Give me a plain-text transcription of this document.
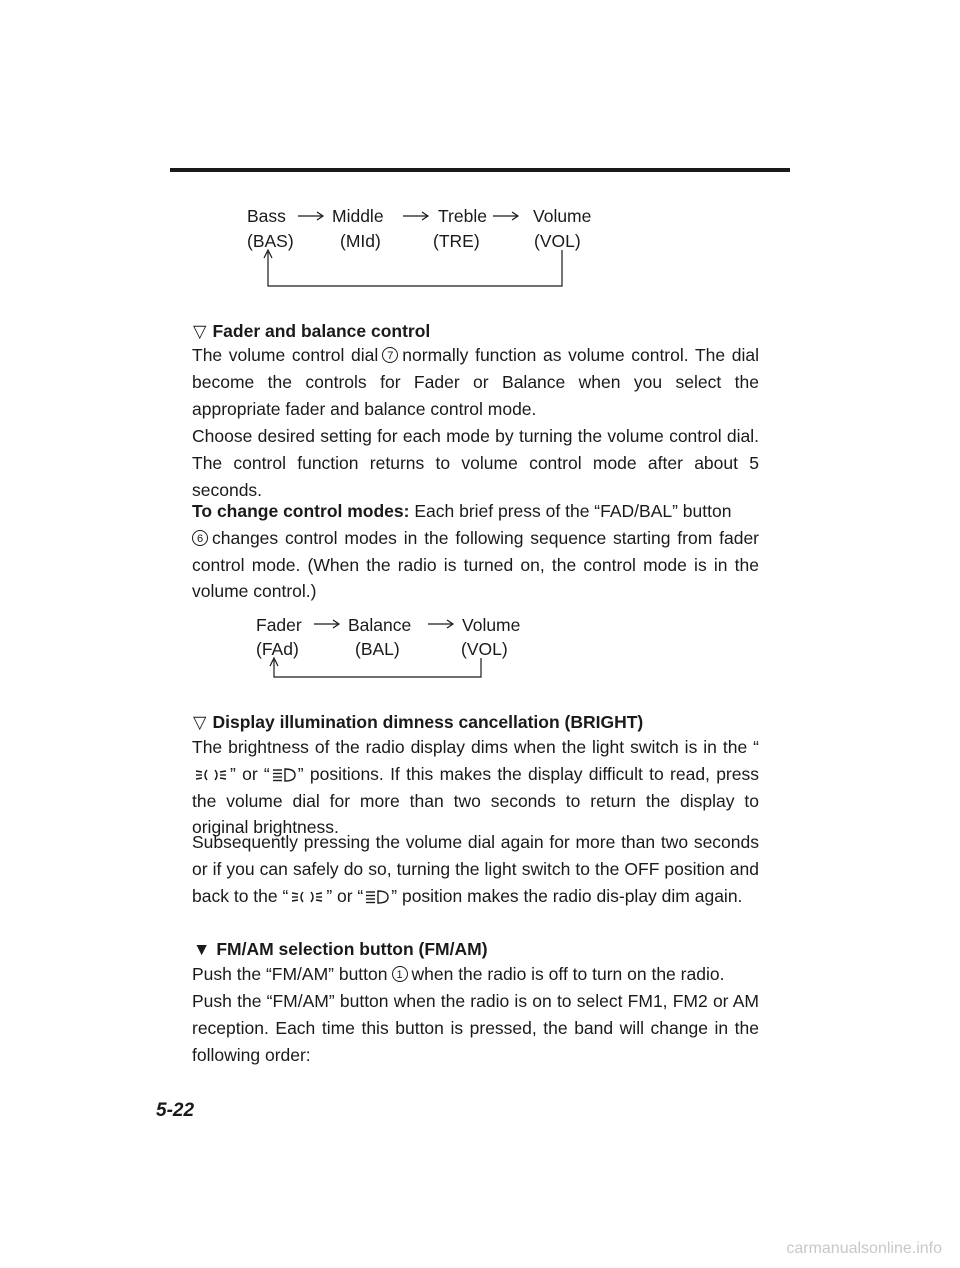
Bass	Middle	Treble	Volume
(BAS)	(MId)	(TRE)	(VOL)
▽ Fader and balance control
The volume control dial 7 normally function as volume control. The dial become the controls for Fader or Balance when you select the appropriate fader and balance control mode.
Choose desired setting for each mode by turning the volume control dial. The control function returns to volume control mode after about 5 seconds.
To change control modes: Each brief press of the “FAD/BAL” button
6 changes control modes in the following sequence starting from fader control mode. (When the radio is turned on, the control mode is in the volume control.)
Fader	Balance	Volume
(FAd)	(BAL)	(VOL)
▽ Display illumination dimness cancellation (BRIGHT)
The brightness of the radio display dims when the light switch is in the “” or “ ” positions. If this makes the display difficult to read, press the volume dial for more than two seconds to return the display to original brightness.
Subsequently pressing the volume dial again for more than two seconds or if you can safely do so, turning the light switch to the OFF position and back to the “ ” or “ ” position makes the radio dis-play dim again.
▼ FM/AM selection button (FM/AM)
Push the “FM/AM” button 1 when the radio is off to turn on the radio.
Push the “FM/AM” button when the radio is on to select FM1, FM2 or AM reception. Each time this button is pressed, the band will change in the following order:
5-22
carmanualsonline.info
